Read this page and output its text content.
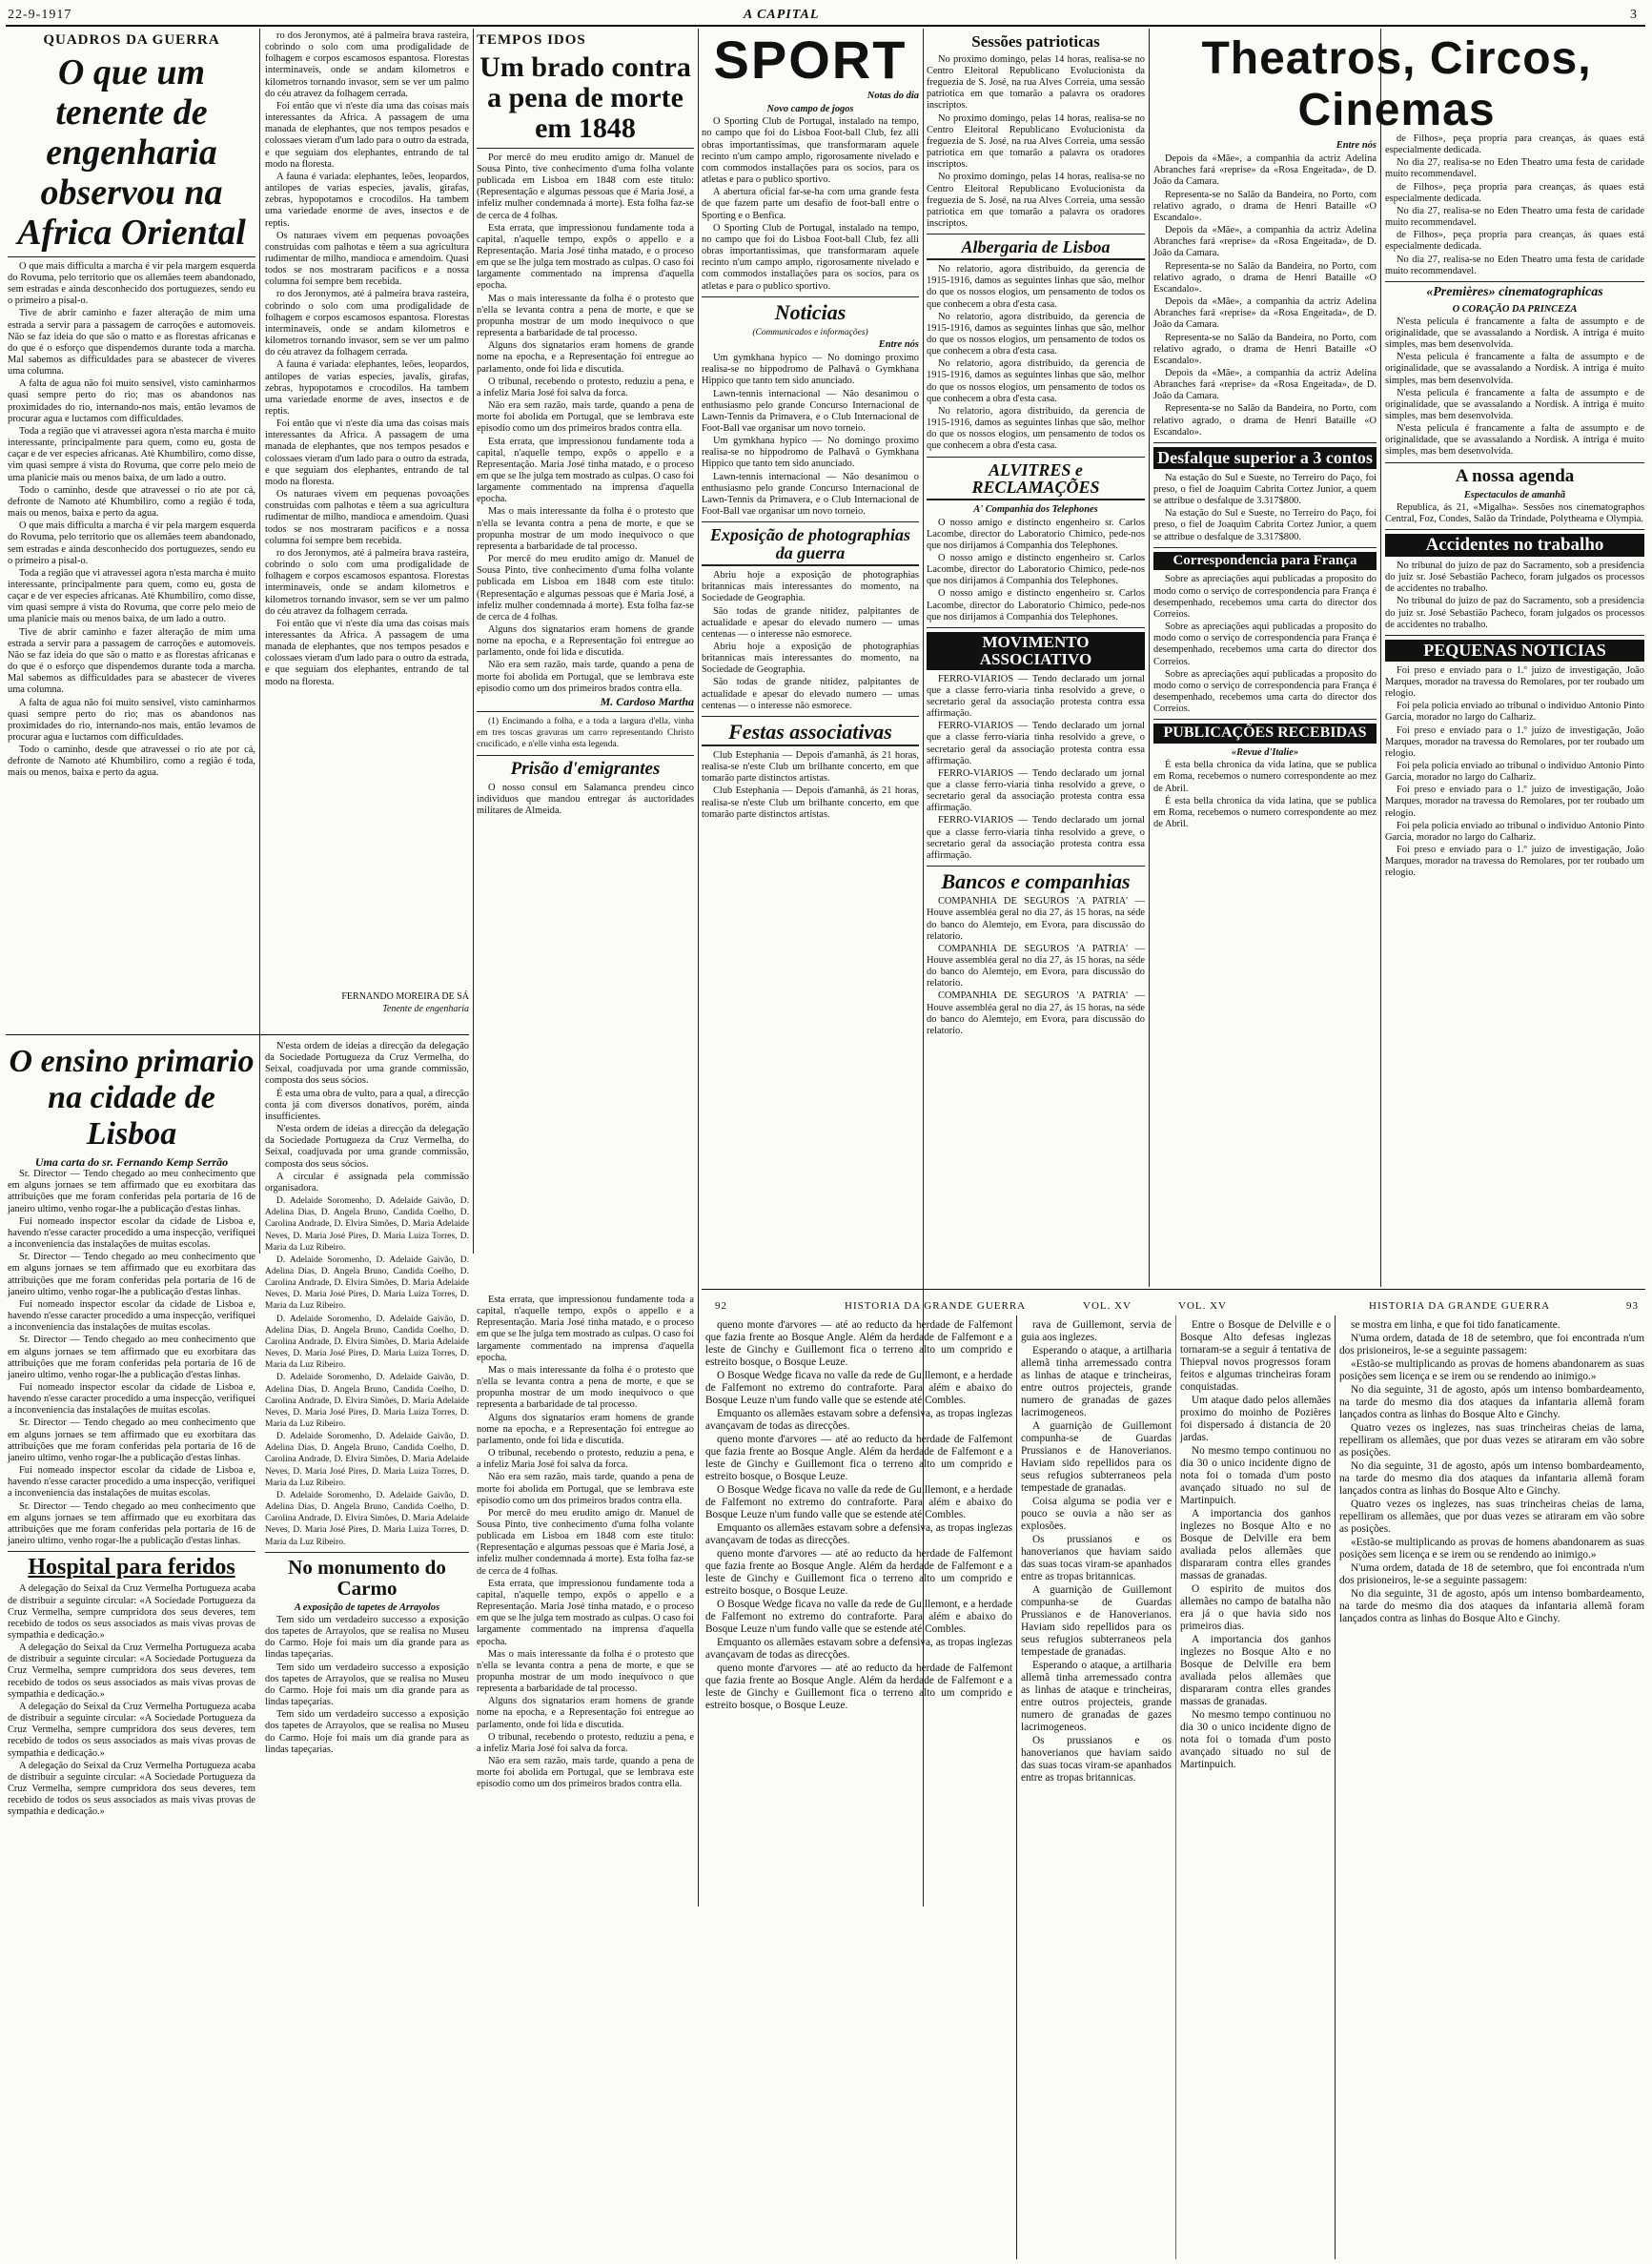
22-9-1917	A CAPITAL	3
QUADROS DA GUERRA
O que um tenente de engenharia observou na Africa Oriental

O que mais difficulta a marcha é vir pela margem esquerda do Rovuma, pelo territorio que os allemães teem abandonado, sem estradas e ainda desconhecido dos portuguezes, sendo eu o primeiro a pisal-o.

Tive de abrir caminho e fazer alteração de mim uma estrada a servir para a passagem de carroções e automoveis. Não se faz ideia do que são o matto e as florestas africanas e do que é o esforço que dispendemos durante toda a marcha. Mal sabemos as difficuldades para se abastecer de viveres uma columna.

A falta de agua não foi muito sensivel, visto caminharmos quasi sempre perto do rio; mas os abandonos nas proximidades do rio, internando-nos mais, então levamos de procurar agua e luctamos com difficuldades.

Toda a região que vi atravessei agora n'esta marcha é muito interessante, principalmente para quem, como eu, gosta de caçar e de ver especies africanas. Atè Khumbiliro, como disse, vim quasi sempre á vista do Rovuma, que corre pelo meio de uma planicie mais ou menos baixa, de um lado a outro.

Todo o caminho, desde que atravessei o rio ate por cá, defronte de Namoto até Khumbiliro, como a região é toda, mais ou menos, baixa e perto da agua.

O que mais difficulta a marcha é vir pela margem esquerda do Rovuma, pelo territorio que os allemães teem abandonado, sem estradas e ainda desconhecido dos portuguezes, sendo eu o primeiro a pisal-o.

Toda a região que vi atravessei agora n'esta marcha é muito interessante, principalmente para quem, como eu, gosta de caçar e de ver especies africanas. Atè Khumbiliro, como disse, vim quasi sempre á vista do Rovuma, que corre pelo meio de uma planicie mais ou menos baixa, de um lado a outro.

Tive de abrir caminho e fazer alteração de mim uma estrada a servir para a passagem de carroções e automoveis. Não se faz ideia do que são o matto e as florestas africanas e do que é o esforço que dispendemos durante toda a marcha. Mal sabemos as difficuldades para se abastecer de viveres uma columna.

A falta de agua não foi muito sensivel, visto caminharmos quasi sempre perto do rio; mas os abandonos nas proximidades do rio, internando-nos mais, então levamos de procurar agua e luctamos com difficuldades.

Todo o caminho, desde que atravessei o rio ate por cá, defronte de Namoto até Khumbiliro, como a região é toda, mais ou menos, baixa e perto da agua.

ro dos Jeronymos, até á palmeira brava rasteira, cobrindo o solo com uma prodigalidade de folhagem e corpos escamosos espantosa. Florestas interminaveis, onde se andam kilometros e kilometros tornando invasor, sem se ver um palmo do céu atravez da folhagem cerrada.

Foi então que vi n'este dia uma das coisas mais interessantes da Africa. A passagem de uma manada de elephantes, que nos tempos pesados e colossaes vieram d'um lado para o outro da estrada, e que seguiam dos elephantes, entrando de tal modo na floresta.

A fauna é variada: elephantes, leões, leopardos, antilopes de varias especies, javalis, girafas, zebras, hypopotamos e crocodilos. Ha tambem uma variedade enorme de aves, insectos e de reptis.

Os naturaes vivem em pequenas povoações construidas com palhotas e têem a sua agricultura rudimentar de milho, mandioca e amendoim. Quasi todos se nos mostraram pacificos e a nossa columna foi sempre bem recebida.

ro dos Jeronymos, até á palmeira brava rasteira, cobrindo o solo com uma prodigalidade de folhagem e corpos escamosos espantosa. Florestas interminaveis, onde se andam kilometros e kilometros tornando invasor, sem se ver um palmo do céu atravez da folhagem cerrada.

A fauna é variada: elephantes, leões, leopardos, antilopes de varias especies, javalis, girafas, zebras, hypopotamos e crocodilos. Ha tambem uma variedade enorme de aves, insectos e de reptis.

Foi então que vi n'este dia uma das coisas mais interessantes da Africa. A passagem de uma manada de elephantes, que nos tempos pesados e colossaes vieram d'um lado para o outro da estrada, e que seguiam dos elephantes, entrando de tal modo na floresta.

Os naturaes vivem em pequenas povoações construidas com palhotas e têem a sua agricultura rudimentar de milho, mandioca e amendoim. Quasi todos se nos mostraram pacificos e a nossa columna foi sempre bem recebida.

ro dos Jeronymos, até á palmeira brava rasteira, cobrindo o solo com uma prodigalidade de folhagem e corpos escamosos espantosa. Florestas interminaveis, onde se andam kilometros e kilometros tornando invasor, sem se ver um palmo do céu atravez da folhagem cerrada.

Foi então que vi n'este dia uma das coisas mais interessantes da Africa. A passagem de uma manada de elephantes, que nos tempos pesados e colossaes vieram d'um lado para o outro da estrada, e que seguiam dos elephantes, entrando de tal modo na floresta.

FERNANDO MOREIRA DE SÁ

Tenente de engenharia

TEMPOS IDOS
Um brado contra a pena de morte em 1848

Por mercê do meu erudito amigo dr. Manuel de Sousa Pinto, tive conhecimento d'uma folha volante publicada em Lisboa em 1848 com este titulo: (Representação e algumas pessoas que é Maria José, a infeliz mulher condemnada á morte). Esta folha faz-se de cerca de 4 folhas.

Esta errata, que impressionou fundamente toda a capital, n'aquelle tempo, expôs o appello e a Representação. Maria José tinha matado, e o proceso em que se lhe julga tem mostrado as culpas. O caso foi largamente commentado na imprensa d'aquella epocha.

Mas o mais interessante da folha é o protesto que n'ella se levanta contra a pena de morte, e que se propunha mostrar de um modo inequivoco o que representa a barbaridade de tal processo.

Alguns dos signatarios eram homens de grande nome na epocha, e a Representação foi entregue ao parlamento, onde foi lida e discutida.

O tribunal, recebendo o protesto, reduziu a pena, e a infeliz Maria José foi salva da forca.

Não era sem razão, mais tarde, quando a pena de morte foi abolida em Portugal, que se lembrava este episodio como um dos primeiros brados contra ella.

Esta errata, que impressionou fundamente toda a capital, n'aquelle tempo, expôs o appello e a Representação. Maria José tinha matado, e o proceso em que se lhe julga tem mostrado as culpas. O caso foi largamente commentado na imprensa d'aquella epocha.

Mas o mais interessante da folha é o protesto que n'ella se levanta contra a pena de morte, e que se propunha mostrar de um modo inequivoco o que representa a barbaridade de tal processo.

Por mercê do meu erudito amigo dr. Manuel de Sousa Pinto, tive conhecimento d'uma folha volante publicada em Lisboa em 1848 com este titulo: (Representação e algumas pessoas que é Maria José, a infeliz mulher condemnada á morte). Esta folha faz-se de cerca de 4 folhas.

Alguns dos signatarios eram homens de grande nome na epocha, e a Representação foi entregue ao parlamento, onde foi lida e discutida.

Não era sem razão, mais tarde, quando a pena de morte foi abolida em Portugal, que se lembrava este episodio como um dos primeiros brados contra ella.

M. Cardoso Martha

(1) Encimando a folha, e a toda a largura d'ella, vinha em tres toscas gravuras um carro representando Christo crucificado, e n'elle vinha esta legenda.

Prisão d'emigrantes

O nosso consul em Salamanca prendeu cinco individuos que mandou entregar ás auctoridades militares de Almeida.

SPORT
Notas do dia

Novo campo de jogos

O Sporting Club de Portugal, instalado na tempo, no campo que foi do Lisboa Foot-ball Club, fez alli obras importantissimas, que transformaram aquele recinto n'um campo amplo, rigorosamente nivelado e com commodos installações para os socios, para os atletas e para o publico sportivo.

A abertura oficial far-se-ha com uma grande festa de que fazem parte um desafio de foot-ball entre o Sporting e o Benfica.

O Sporting Club de Portugal, instalado na tempo, no campo que foi do Lisboa Foot-ball Club, fez alli obras importantissimas, que transformaram aquele recinto n'um campo amplo, rigorosamente nivelado e com commodos installações para os socios, para os atletas e para o publico sportivo.

Noticias

(Communicados e informações)

Entre nós

Um gymkhana hypico — No domingo proximo realisa-se no hippodromo de Palhavã o Gymkhana Hippico que tanto tem sido anunciado.

Lawn-tennis internacional — Não desanimou o enthusiasmo pelo grande Concurso Internacional de Lawn-Tennis da Primavera, e o Club Internacional de Foot-Ball vae organisar um novo torneio.

Um gymkhana hypico — No domingo proximo realisa-se no hippodromo de Palhavã o Gymkhana Hippico que tanto tem sido anunciado.

Lawn-tennis internacional — Não desanimou o enthusiasmo pelo grande Concurso Internacional de Lawn-Tennis da Primavera, e o Club Internacional de Foot-Ball vae organisar um novo torneio.

Exposição de photographias da guerra

Abriu hoje a exposição de photographias britannicas mais interessantes do momento, na Sociedade de Geographia.

São todas de grande nitidez, palpitantes de actualidade e apesar do elevado numero — umas centenas — o interesse não esmorece.

Abriu hoje a exposição de photographias britannicas mais interessantes do momento, na Sociedade de Geographia.

São todas de grande nitidez, palpitantes de actualidade e apesar do elevado numero — umas centenas — o interesse não esmorece.

Festas associativas

Club Estephania — Depois d'amanhã, ás 21 horas, realisa-se n'este Club um brilhante concerto, em que tomarão parte distinctos artistas.

Club Estephania — Depois d'amanhã, ás 21 horas, realisa-se n'este Club um brilhante concerto, em que tomarão parte distinctos artistas.

Sessões patrioticas

No proximo domingo, pelas 14 horas, realisa-se no Centro Eleitoral Republicano Evolucionista da freguezia de S. José, na rua Alves Correia, uma sessão patriotica em que tomarão a palavra os oradores inscriptos.

No proximo domingo, pelas 14 horas, realisa-se no Centro Eleitoral Republicano Evolucionista da freguezia de S. José, na rua Alves Correia, uma sessão patriotica em que tomarão a palavra os oradores inscriptos.

No proximo domingo, pelas 14 horas, realisa-se no Centro Eleitoral Republicano Evolucionista da freguezia de S. José, na rua Alves Correia, uma sessão patriotica em que tomarão a palavra os oradores inscriptos.

Albergaria de Lisboa

No relatorio, agora distribuido, da gerencia de 1915-1916, damos as seguintes linhas que são, melhor do que os nossos elogios, um pensamento de todos os que conhecem a obra d'esta casa.

No relatorio, agora distribuido, da gerencia de 1915-1916, damos as seguintes linhas que são, melhor do que os nossos elogios, um pensamento de todos os que conhecem a obra d'esta casa.

No relatorio, agora distribuido, da gerencia de 1915-1916, damos as seguintes linhas que são, melhor do que os nossos elogios, um pensamento de todos os que conhecem a obra d'esta casa.

No relatorio, agora distribuido, da gerencia de 1915-1916, damos as seguintes linhas que são, melhor do que os nossos elogios, um pensamento de todos os que conhecem a obra d'esta casa.

ALVITRES e RECLAMAÇÕES

A' Companhia dos Telephones

O nosso amigo e distincto engenheiro sr. Carlos Lacombe, director do Laboratorio Chimico, pede-nos que nos dirijamos á Companhia dos Telephones.

O nosso amigo e distincto engenheiro sr. Carlos Lacombe, director do Laboratorio Chimico, pede-nos que nos dirijamos á Companhia dos Telephones.

O nosso amigo e distincto engenheiro sr. Carlos Lacombe, director do Laboratorio Chimico, pede-nos que nos dirijamos á Companhia dos Telephones.

MOVIMENTO ASSOCIATIVO

FERRO-VIARIOS — Tendo declarado um jornal que a classe ferro-viaria tinha resolvido a greve, o secretario geral da associação protesta contra essa affirmação.

FERRO-VIARIOS — Tendo declarado um jornal que a classe ferro-viaria tinha resolvido a greve, o secretario geral da associação protesta contra essa affirmação.

FERRO-VIARIOS — Tendo declarado um jornal que a classe ferro-viaria tinha resolvido a greve, o secretario geral da associação protesta contra essa affirmação.

FERRO-VIARIOS — Tendo declarado um jornal que a classe ferro-viaria tinha resolvido a greve, o secretario geral da associação protesta contra essa affirmação.

Bancos e companhias

COMPANHIA DE SEGUROS 'A PATRIA' — Houve assembléa geral no dia 27, ás 15 horas, na séde do banco do Alemtejo, em Evora, para discussão do relatorio.

COMPANHIA DE SEGUROS 'A PATRIA' — Houve assembléa geral no dia 27, ás 15 horas, na séde do banco do Alemtejo, em Evora, para discussão do relatorio.

COMPANHIA DE SEGUROS 'A PATRIA' — Houve assembléa geral no dia 27, ás 15 horas, na séde do banco do Alemtejo, em Evora, para discussão do relatorio.

Theatros, Circos, Cinemas
Entre nós

Depois da «Mãe», a companhia da actriz Adelina Abranches fará «reprise» da «Rosa Engeitada», de D. João da Camara.

Representa-se no Salão da Bandeira, no Porto, com relativo agrado, o drama de Henri Bataille «O Escandalo».

Depois da «Mãe», a companhia da actriz Adelina Abranches fará «reprise» da «Rosa Engeitada», de D. João da Camara.

Representa-se no Salão da Bandeira, no Porto, com relativo agrado, o drama de Henri Bataille «O Escandalo».

Depois da «Mãe», a companhia da actriz Adelina Abranches fará «reprise» da «Rosa Engeitada», de D. João da Camara.

Representa-se no Salão da Bandeira, no Porto, com relativo agrado, o drama de Henri Bataille «O Escandalo».

Depois da «Mãe», a companhia da actriz Adelina Abranches fará «reprise» da «Rosa Engeitada», de D. João da Camara.

Representa-se no Salão da Bandeira, no Porto, com relativo agrado, o drama de Henri Bataille «O Escandalo».

Desfalque superior a 3 contos

Na estação do Sul e Sueste, no Terreiro do Paço, foi preso, o fiel de Joaquim Cabrita Cortez Junior, a quem se attribue o desfalque de 3.317$800.

Na estação do Sul e Sueste, no Terreiro do Paço, foi preso, o fiel de Joaquim Cabrita Cortez Junior, a quem se attribue o desfalque de 3.317$800.

Correspondencia para França

Sobre as apreciações aqui publicadas a proposito do modo como o serviço de correspondencia para França é desempenhado, recebemos uma carta do director dos Correios.

Sobre as apreciações aqui publicadas a proposito do modo como o serviço de correspondencia para França é desempenhado, recebemos uma carta do director dos Correios.

Sobre as apreciações aqui publicadas a proposito do modo como o serviço de correspondencia para França é desempenhado, recebemos uma carta do director dos Correios.

PUBLICAÇÕES RECEBIDAS

«Revue d'Italie»

É esta bella chronica da vida latina, que se publica em Roma, recebemos o numero correspondente ao mez de Abril.

É esta bella chronica da vida latina, que se publica em Roma, recebemos o numero correspondente ao mez de Abril.

de Filhos», peça propria para creanças, ás quaes está especialmente dedicada.

No dia 27, realisa-se no Eden Theatro uma festa de caridade muito recommendavel.

de Filhos», peça propria para creanças, ás quaes está especialmente dedicada.

No dia 27, realisa-se no Eden Theatro uma festa de caridade muito recommendavel.

de Filhos», peça propria para creanças, ás quaes está especialmente dedicada.

No dia 27, realisa-se no Eden Theatro uma festa de caridade muito recommendavel.

«Premières» cinematographicas

O CORAÇÃO DA PRINCEZA

N'esta pelicula é francamente a falta de assumpto e de originalidade, que se avassalando a Nordisk. A intriga é muito simples, mas bem desenvolvida.

N'esta pelicula é francamente a falta de assumpto e de originalidade, que se avassalando a Nordisk. A intriga é muito simples, mas bem desenvolvida.

N'esta pelicula é francamente a falta de assumpto e de originalidade, que se avassalando a Nordisk. A intriga é muito simples, mas bem desenvolvida.

N'esta pelicula é francamente a falta de assumpto e de originalidade, que se avassalando a Nordisk. A intriga é muito simples, mas bem desenvolvida.

A nossa agenda

Espectaculos de amanhã

Republica, ás 21, «Migalha». Sessões nos cinematographos Central, Foz, Condes, Salão da Trindade, Polytheama e Olympia.

Accidentes no trabalho

No tribunal do juizo de paz do Sacramento, sob a presidencia do juiz sr. José Sebastião Pacheco, foram julgados os processos de accidentes no trabalho.

No tribunal do juizo de paz do Sacramento, sob a presidencia do juiz sr. José Sebastião Pacheco, foram julgados os processos de accidentes no trabalho.

PEQUENAS NOTICIAS

Foi preso e enviado para o 1.º juizo de investigação, João Marques, morador na travessa do Remolares, por ter roubado um relogio.

Foi pela policia enviado ao tribunal o individuo Antonio Pinto Garcia, morador no largo do Calhariz.

Foi preso e enviado para o 1.º juizo de investigação, João Marques, morador na travessa do Remolares, por ter roubado um relogio.

Foi pela policia enviado ao tribunal o individuo Antonio Pinto Garcia, morador no largo do Calhariz.

Foi preso e enviado para o 1.º juizo de investigação, João Marques, morador na travessa do Remolares, por ter roubado um relogio.

Foi pela policia enviado ao tribunal o individuo Antonio Pinto Garcia, morador no largo do Calhariz.

Foi preso e enviado para o 1.º juizo de investigação, João Marques, morador na travessa do Remolares, por ter roubado um relogio.

O ensino primario na cidade de Lisboa

Uma carta do sr. Fernando Kemp Serrão

Sr. Director — Tendo chegado ao meu conhecimento que em alguns jornaes se tem affirmado que eu exorbitara das attribuições que me foram conferidas pela portaria de 16 de janeiro ultimo, venho rogar-lhe a publicação d'estas linhas.

Fui nomeado inspector escolar da cidade de Lisboa e, havendo n'esse caracter procedido a uma inspecção, verifiquei a inconveniencia das instalações de muitas escolas.

Sr. Director — Tendo chegado ao meu conhecimento que em alguns jornaes se tem affirmado que eu exorbitara das attribuições que me foram conferidas pela portaria de 16 de janeiro ultimo, venho rogar-lhe a publicação d'estas linhas.

Fui nomeado inspector escolar da cidade de Lisboa e, havendo n'esse caracter procedido a uma inspecção, verifiquei a inconveniencia das instalações de muitas escolas.

Sr. Director — Tendo chegado ao meu conhecimento que em alguns jornaes se tem affirmado que eu exorbitara das attribuições que me foram conferidas pela portaria de 16 de janeiro ultimo, venho rogar-lhe a publicação d'estas linhas.

Fui nomeado inspector escolar da cidade de Lisboa e, havendo n'esse caracter procedido a uma inspecção, verifiquei a inconveniencia das instalações de muitas escolas.

Sr. Director — Tendo chegado ao meu conhecimento que em alguns jornaes se tem affirmado que eu exorbitara das attribuições que me foram conferidas pela portaria de 16 de janeiro ultimo, venho rogar-lhe a publicação d'estas linhas.

Fui nomeado inspector escolar da cidade de Lisboa e, havendo n'esse caracter procedido a uma inspecção, verifiquei a inconveniencia das instalações de muitas escolas.

Sr. Director — Tendo chegado ao meu conhecimento que em alguns jornaes se tem affirmado que eu exorbitara das attribuições que me foram conferidas pela portaria de 16 de janeiro ultimo, venho rogar-lhe a publicação d'estas linhas.

Hospital para feridos

A delegação do Seixal da Cruz Vermelha Portugueza acaba de distribuir a seguinte circular: «A Sociedade Portugueza da Cruz Vermelha, sempre cumpridora dos seus deveres, tem recebido de todos os seus associados as mais vivas provas de sympathia e dedicação.»

A delegação do Seixal da Cruz Vermelha Portugueza acaba de distribuir a seguinte circular: «A Sociedade Portugueza da Cruz Vermelha, sempre cumpridora dos seus deveres, tem recebido de todos os seus associados as mais vivas provas de sympathia e dedicação.»

A delegação do Seixal da Cruz Vermelha Portugueza acaba de distribuir a seguinte circular: «A Sociedade Portugueza da Cruz Vermelha, sempre cumpridora dos seus deveres, tem recebido de todos os seus associados as mais vivas provas de sympathia e dedicação.»

A delegação do Seixal da Cruz Vermelha Portugueza acaba de distribuir a seguinte circular: «A Sociedade Portugueza da Cruz Vermelha, sempre cumpridora dos seus deveres, tem recebido de todos os seus associados as mais vivas provas de sympathia e dedicação.»

N'esta ordem de ideias a direcção da delegação da Sociedade Portugueza da Cruz Vermelha, do Seixal, coadjuvada por uma grande commissão, composta dos seus sócios.

É esta uma obra de vulto, para a qual, a direcção conta já com diversos donativos, porém, ainda insufficientes.

N'esta ordem de ideias a direcção da delegação da Sociedade Portugueza da Cruz Vermelha, do Seixal, coadjuvada por uma grande commissão, composta dos seus sócios.

A circular é assignada pela commissão organisadora.

D. Adelaide Soromenho, D. Adelaide Gaivão, D. Adelina Dias, D. Angela Bruno, Candida Coelho, D. Carolina Andrade, D. Elvira Simões, D. Maria Adelaide Neves, D. Maria José Pires, D. Maria Luiza Torres, D. Maria da Luz Ribeiro.

D. Adelaide Soromenho, D. Adelaide Gaivão, D. Adelina Dias, D. Angela Bruno, Candida Coelho, D. Carolina Andrade, D. Elvira Simões, D. Maria Adelaide Neves, D. Maria José Pires, D. Maria Luiza Torres, D. Maria da Luz Ribeiro.

D. Adelaide Soromenho, D. Adelaide Gaivão, D. Adelina Dias, D. Angela Bruno, Candida Coelho, D. Carolina Andrade, D. Elvira Simões, D. Maria Adelaide Neves, D. Maria José Pires, D. Maria Luiza Torres, D. Maria da Luz Ribeiro.

D. Adelaide Soromenho, D. Adelaide Gaivão, D. Adelina Dias, D. Angela Bruno, Candida Coelho, D. Carolina Andrade, D. Elvira Simões, D. Maria Adelaide Neves, D. Maria José Pires, D. Maria Luiza Torres, D. Maria da Luz Ribeiro.

D. Adelaide Soromenho, D. Adelaide Gaivão, D. Adelina Dias, D. Angela Bruno, Candida Coelho, D. Carolina Andrade, D. Elvira Simões, D. Maria Adelaide Neves, D. Maria José Pires, D. Maria Luiza Torres, D. Maria da Luz Ribeiro.

D. Adelaide Soromenho, D. Adelaide Gaivão, D. Adelina Dias, D. Angela Bruno, Candida Coelho, D. Carolina Andrade, D. Elvira Simões, D. Maria Adelaide Neves, D. Maria José Pires, D. Maria Luiza Torres, D. Maria da Luz Ribeiro.

No monumento do Carmo

A exposição de tapetes de Arrayolos

Tem sido um verdadeiro successo a exposição dos tapetes de Arrayolos, que se realisa no Museu do Carmo. Hoje foi mais um dia grande para as lindas tapeçarias.

Tem sido um verdadeiro successo a exposição dos tapetes de Arrayolos, que se realisa no Museu do Carmo. Hoje foi mais um dia grande para as lindas tapeçarias.

Tem sido um verdadeiro successo a exposição dos tapetes de Arrayolos, que se realisa no Museu do Carmo. Hoje foi mais um dia grande para as lindas tapeçarias.

92	HISTORIA DA GRANDE GUERRA	VOL. XV	VOL. XV	HISTORIA DA GRANDE GUERRA	93

queno monte d'arvores — até ao reducto da herdade de Falfemont que fazia frente ao Bosque Angle. Além da herdade de Falfemont e a leste de Ginchy e Guillemont fica o terreno alto um comprido e estreito bosque, o Bosque Leuze.

O Bosque Wedge ficava no valle da rede de Guillemont, e a herdade de Falfemont no extremo do contraforte. Para além e abaixo do Bosque Leuze n'um fundo valle que se estende até Combles.

Emquanto os allemães estavam sobre a defensiva, as tropas inglezas avançavam de todas as direcções.

queno monte d'arvores — até ao reducto da herdade de Falfemont que fazia frente ao Bosque Angle. Além da herdade de Falfemont e a leste de Ginchy e Guillemont fica o terreno alto um comprido e estreito bosque, o Bosque Leuze.

O Bosque Wedge ficava no valle da rede de Guillemont, e a herdade de Falfemont no extremo do contraforte. Para além e abaixo do Bosque Leuze n'um fundo valle que se estende até Combles.

Emquanto os allemães estavam sobre a defensiva, as tropas inglezas avançavam de todas as direcções.

queno monte d'arvores — até ao reducto da herdade de Falfemont que fazia frente ao Bosque Angle. Além da herdade de Falfemont e a leste de Ginchy e Guillemont fica o terreno alto um comprido e estreito bosque, o Bosque Leuze.

O Bosque Wedge ficava no valle da rede de Guillemont, e a herdade de Falfemont no extremo do contraforte. Para além e abaixo do Bosque Leuze n'um fundo valle que se estende até Combles.

Emquanto os allemães estavam sobre a defensiva, as tropas inglezas avançavam de todas as direcções.

queno monte d'arvores — até ao reducto da herdade de Falfemont que fazia frente ao Bosque Angle. Além da herdade de Falfemont e a leste de Ginchy e Guillemont fica o terreno alto um comprido e estreito bosque, o Bosque Leuze.

rava de Guillemont, servia de guia aos inglezes.

Esperando o ataque, a artilharia allemã tinha arremessado contra as linhas de ataque e trincheiras, entre outros projecteis, grande numero de granadas de gazes lacrimogeneos.

A guarnição de Guillemont compunha-se de Guardas Prussianos e de Hanoverianos. Haviam sido repellidos para os seus refugios subterraneos pela tempestade de granadas.

Coisa alguma se podia ver e pouco se ouvia a não ser as explosões.

Os prussianos e os hanoverianos que haviam saido das suas tocas viram-se apanhados entre as tropas britannicas.

A guarnição de Guillemont compunha-se de Guardas Prussianos e de Hanoverianos. Haviam sido repellidos para os seus refugios subterraneos pela tempestade de granadas.

Esperando o ataque, a artilharia allemã tinha arremessado contra as linhas de ataque e trincheiras, entre outros projecteis, grande numero de granadas de gazes lacrimogeneos.

Os prussianos e os hanoverianos que haviam saido das suas tocas viram-se apanhados entre as tropas britannicas.

Entre o Bosque de Delville e o Bosque Alto defesas inglezas tornaram-se a seguir á tentativa de Thiepval novos progressos foram feitos e algumas trincheiras foram conquistadas.

Um ataque dado pelos allemães proximo do moinho de Pozières foi dispersado á distancia de 20 jardas.

No mesmo tempo continuou no dia 30 o unico incidente digno de nota foi o tomada d'um posto avançado situado no sul de Martinpuich.

A importancia dos ganhos inglezes no Bosque Alto e no Bosque de Delville era bem avaliada pelos allemães que dispararam contra elles grandes massas de granadas.

O espirito de muitos dos allemães no campo de batalha não era já o que havia sido nos primeiros dias.

A importancia dos ganhos inglezes no Bosque Alto e no Bosque de Delville era bem avaliada pelos allemães que dispararam contra elles grandes massas de granadas.

No mesmo tempo continuou no dia 30 o unico incidente digno de nota foi o tomada d'um posto avançado situado no sul de Martinpuich.

se mostra em linha, e que foi tido fanaticamente.

N'uma ordem, datada de 18 de setembro, que foi encontrada n'um dos prisioneiros, le-se a seguinte passagem:

«Estão-se multiplicando as provas de homens abandonarem as suas posições sem licença e se irem ou se rendendo ao inimigo.»

No dia seguinte, 31 de agosto, após um intenso bombardeamento, na tarde do mesmo dia dos ataques da infantaria allemã foram lançados contra as linhas do Bosque Alto e Ginchy.

Quatro vezes os inglezes, nas suas trincheiras cheias de lama, repelliram os allemães, que por duas vezes se atiraram em vão sobre as posições.

No dia seguinte, 31 de agosto, após um intenso bombardeamento, na tarde do mesmo dia dos ataques da infantaria allemã foram lançados contra as linhas do Bosque Alto e Ginchy.

Quatro vezes os inglezes, nas suas trincheiras cheias de lama, repelliram os allemães, que por duas vezes se atiraram em vão sobre as posições.

«Estão-se multiplicando as provas de homens abandonarem as suas posições sem licença e se irem ou se rendendo ao inimigo.»

N'uma ordem, datada de 18 de setembro, que foi encontrada n'um dos prisioneiros, le-se a seguinte passagem:

No dia seguinte, 31 de agosto, após um intenso bombardeamento, na tarde do mesmo dia dos ataques da infantaria allemã foram lançados contra as linhas do Bosque Alto e Ginchy.

Esta errata, que impressionou fundamente toda a capital, n'aquelle tempo, expôs o appello e a Representação. Maria José tinha matado, e o proceso em que se lhe julga tem mostrado as culpas. O caso foi largamente commentado na imprensa d'aquella epocha.

Mas o mais interessante da folha é o protesto que n'ella se levanta contra a pena de morte, e que se propunha mostrar de um modo inequivoco o que representa a barbaridade de tal processo.

Alguns dos signatarios eram homens de grande nome na epocha, e a Representação foi entregue ao parlamento, onde foi lida e discutida.

O tribunal, recebendo o protesto, reduziu a pena, e a infeliz Maria José foi salva da forca.

Não era sem razão, mais tarde, quando a pena de morte foi abolida em Portugal, que se lembrava este episodio como um dos primeiros brados contra ella.

Por mercê do meu erudito amigo dr. Manuel de Sousa Pinto, tive conhecimento d'uma folha volante publicada em Lisboa em 1848 com este titulo: (Representação e algumas pessoas que é Maria José, a infeliz mulher condemnada á morte). Esta folha faz-se de cerca de 4 folhas.

Esta errata, que impressionou fundamente toda a capital, n'aquelle tempo, expôs o appello e a Representação. Maria José tinha matado, e o proceso em que se lhe julga tem mostrado as culpas. O caso foi largamente commentado na imprensa d'aquella epocha.

Mas o mais interessante da folha é o protesto que n'ella se levanta contra a pena de morte, e que se propunha mostrar de um modo inequivoco o que representa a barbaridade de tal processo.

Alguns dos signatarios eram homens de grande nome na epocha, e a Representação foi entregue ao parlamento, onde foi lida e discutida.

O tribunal, recebendo o protesto, reduziu a pena, e a infeliz Maria José foi salva da forca.

Não era sem razão, mais tarde, quando a pena de morte foi abolida em Portugal, que se lembrava este episodio como um dos primeiros brados contra ella.
